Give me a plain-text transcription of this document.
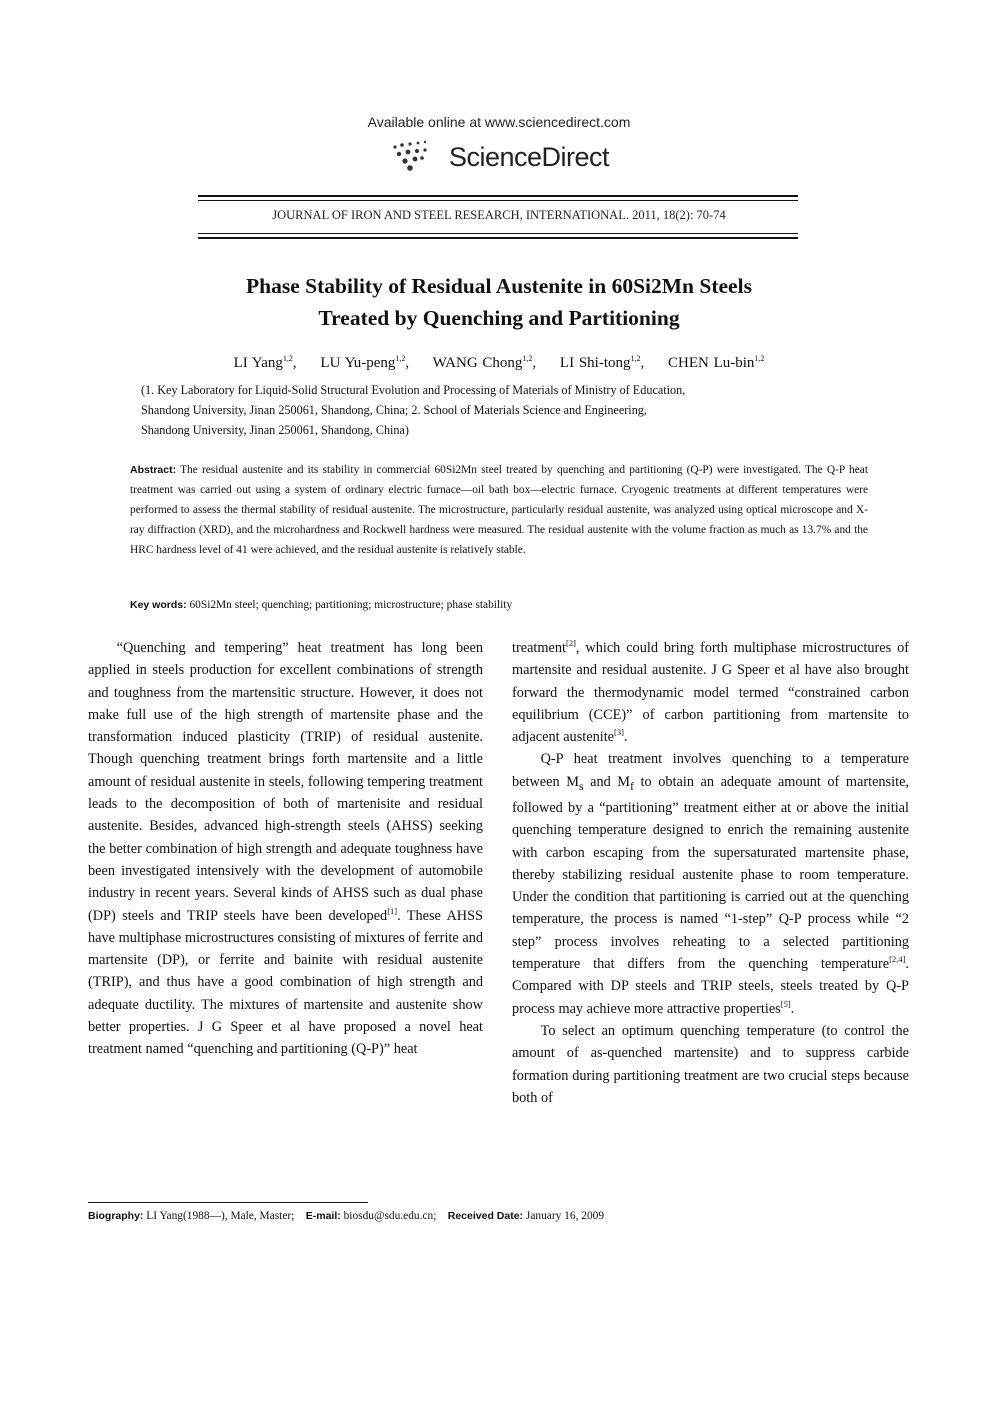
Available online at www.sciencedirect.com
ScienceDirect
JOURNAL OF IRON AND STEEL RESEARCH, INTERNATIONAL. 2011, 18(2): 70-74
Phase Stability of Residual Austenite in 60Si2Mn Steels
Treated by Quenching and Partitioning
LI Yang$^{1,2}$,     LU Yu-peng$^{1,2}$,     WANG Chong$^{1,2}$,     LI Shi-tong$^{1,2}$,     CHEN Lu-bin$^{1,2}$
(1. Key Laboratory for Liquid-Solid Structural Evolution and Processing of Materials of Ministry of Education,
Shandong University, Jinan 250061, Shandong, China; 2. School of Materials Science and Engineering,
Shandong University, Jinan 250061, Shandong, China)
Abstract: The residual austenite and its stability in commercial 60Si2Mn steel treated by quenching and partitioning (Q-P) were investigated. The Q-P heat treatment was carried out using a system of ordinary electric furnace—oil bath box—electric furnace. Cryogenic treatments at different temperatures were performed to assess the thermal stability of residual austenite. The microstructure, particularly residual austenite, was analyzed using optical microscope and X-ray diffraction (XRD), and the microhardness and Rockwell hardness were measured. The residual austenite with the volume fraction as much as 13.7% and the HRC hardness level of 41 were achieved, and the residual austenite is relatively stable.
Key words: 60Si2Mn steel; quenching; partitioning; microstructure; phase stability

“Quenching and tempering” heat treatment has long been applied in steels production for excellent combinations of strength and toughness from the martensitic structure. However, it does not make full use of the high strength of martensite phase and the transformation induced plasticity (TRIP) of residual austenite. Though quenching treatment brings forth martensite and a little amount of residual austenite in steels, following tempering treatment leads to the decomposition of both of martenisite and residual austenite. Besides, advanced high-strength steels (AHSS) seeking the better combination of high strength and adequate toughness have been investigated intensively with the development of automobile industry in recent years. Several kinds of AHSS such as dual phase (DP) steels and TRIP steels have been developed[1]. These AHSS have multiphase microstructures consisting of mixtures of ferrite and martensite (DP), or ferrite and bainite with residual austenite (TRIP), and thus have a good combination of high strength and adequate ductility. The mixtures of martensite and austenite show better properties. J G Speer et al have proposed a novel heat treatment named “quenching and partitioning (Q-P)” heat

treatment[2], which could bring forth multiphase microstructures of martensite and residual austenite. J G Speer et al have also brought forward the thermodynamic model termed “constrained carbon equilibrium (CCE)” of carbon partitioning from martensite to adjacent austenite[3].

Q-P heat treatment involves quenching to a temperature between $M_s$ and $M_f$ to obtain an adequate amount of martensite, followed by a “partitioning” treatment either at or above the initial quenching temperature designed to enrich the remaining austenite with carbon escaping from the supersaturated martensite phase, thereby stabilizing residual austenite phase to room temperature. Under the condition that partitioning is carried out at the quenching temperature, the process is named “1-step” Q-P process while “2 step” process involves reheating to a selected partitioning temperature that differs from the quenching temperature[2,4]. Compared with DP steels and TRIP steels, steels treated by Q-P process may achieve more attractive properties[5].

To select an optimum quenching temperature (to control the amount of as-quenched martensite) and to suppress carbide formation during partitioning treatment are two crucial steps because both of

Biography: LI Yang(1988—), Male, Master; E-mail: biosdu@sdu.edu.cn; Received Date: January 16, 2009
